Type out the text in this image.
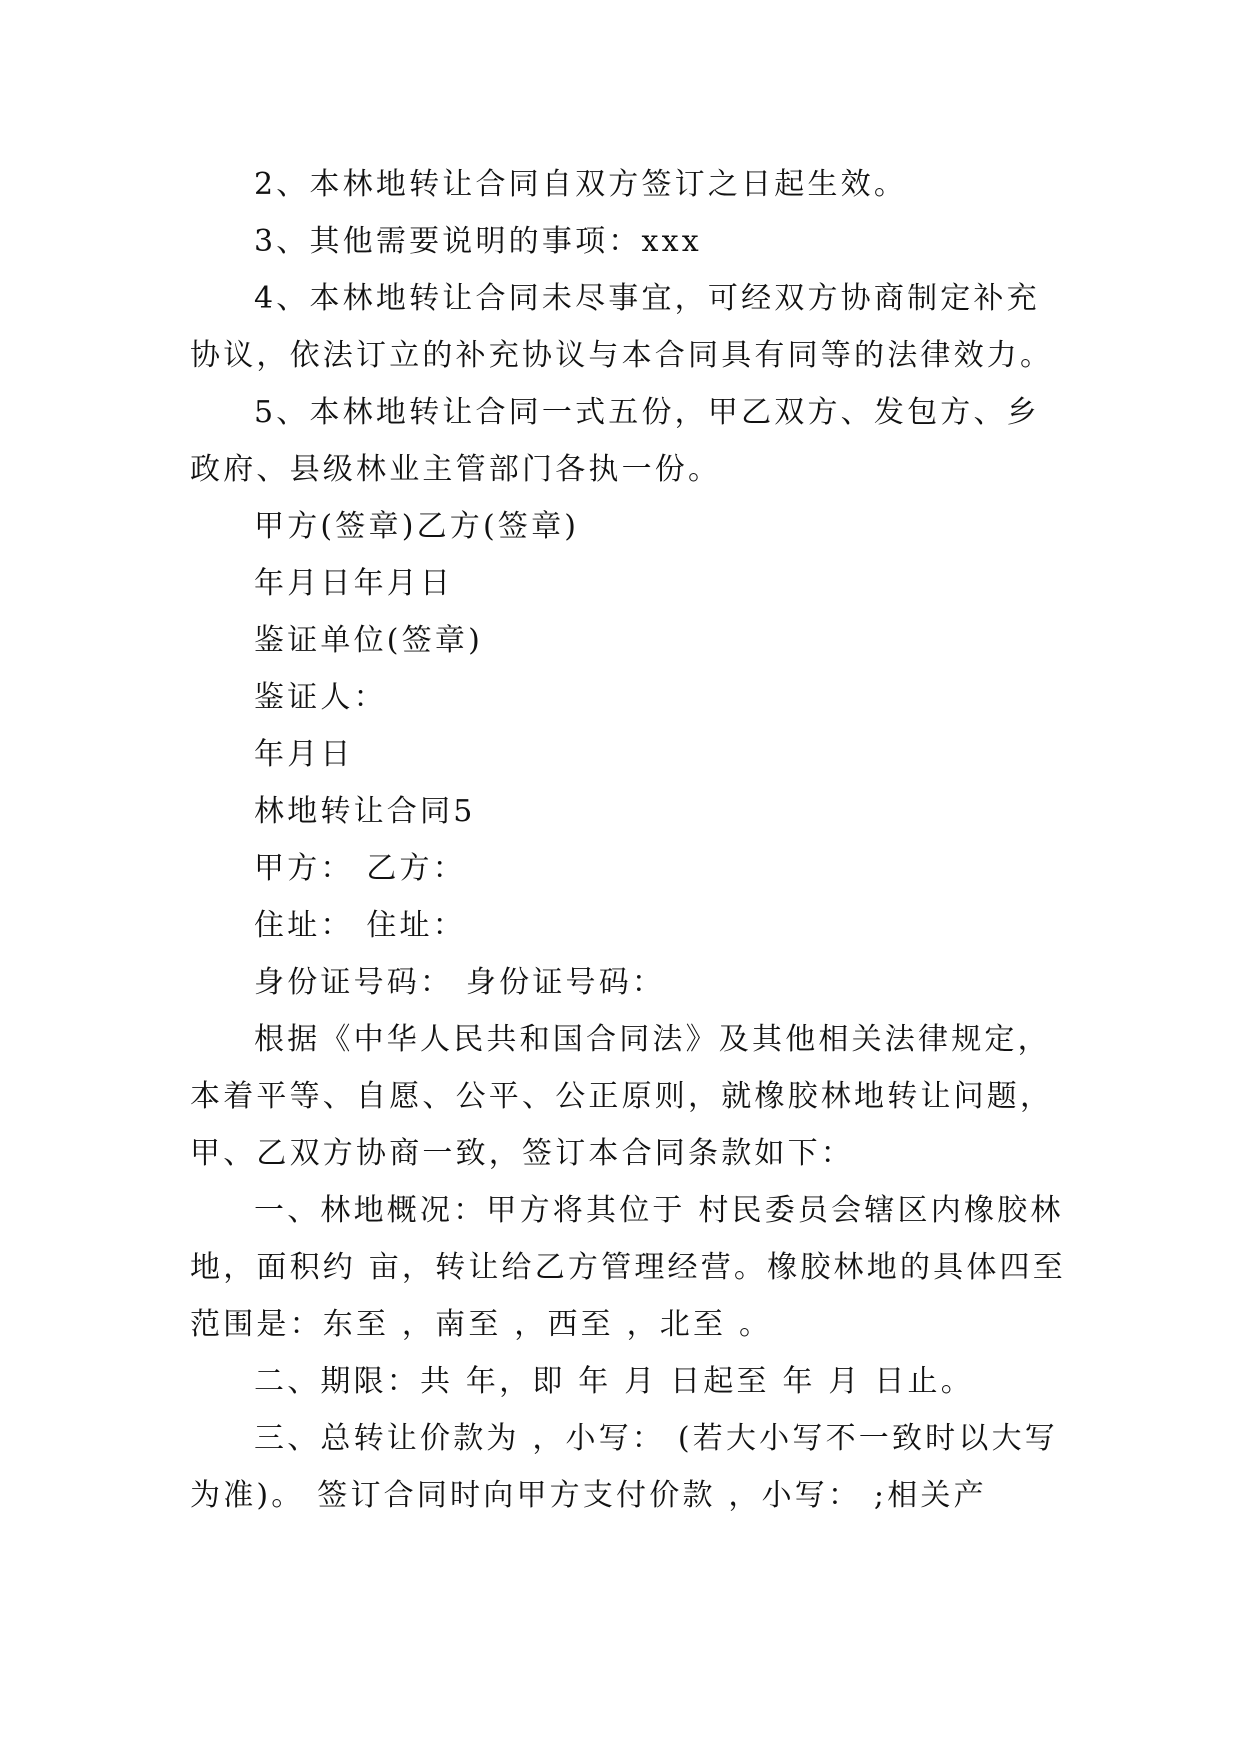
2、本林地转让合同自双方签订之日起生效。

3、其他需要说明的事项：xxx

4、本林地转让合同未尽事宜，可经双方协商制定补充协议，依法订立的补充协议与本合同具有同等的法律效力。

5、本林地转让合同一式五份，甲乙双方、发包方、乡政府、县级林业主管部门各执一份。

甲方(签章)乙方(签章)

年月日年月日

鉴证单位(签章)

鉴证人：

年月日

林地转让合同5

甲方： 乙方：

住址： 住址：

身份证号码： 身份证号码：

根据《中华人民共和国合同法》及其他相关法律规定，本着平等、自愿、公平、公正原则，就橡胶林地转让问题，甲、乙双方协商一致，签订本合同条款如下：

一、林地概况：甲方将其位于 村民委员会辖区内橡胶林地，面积约 亩，转让给乙方管理经营。橡胶林地的具体四至范围是：东至 ，南至 ，西至 ，北至 。

二、期限：共 年，即 年 月 日起至 年 月 日止。

三、总转让价款为 ，小写： (若大小写不一致时以大写为准)。 签订合同时向甲方支付价款 ，小写： ;相关产
